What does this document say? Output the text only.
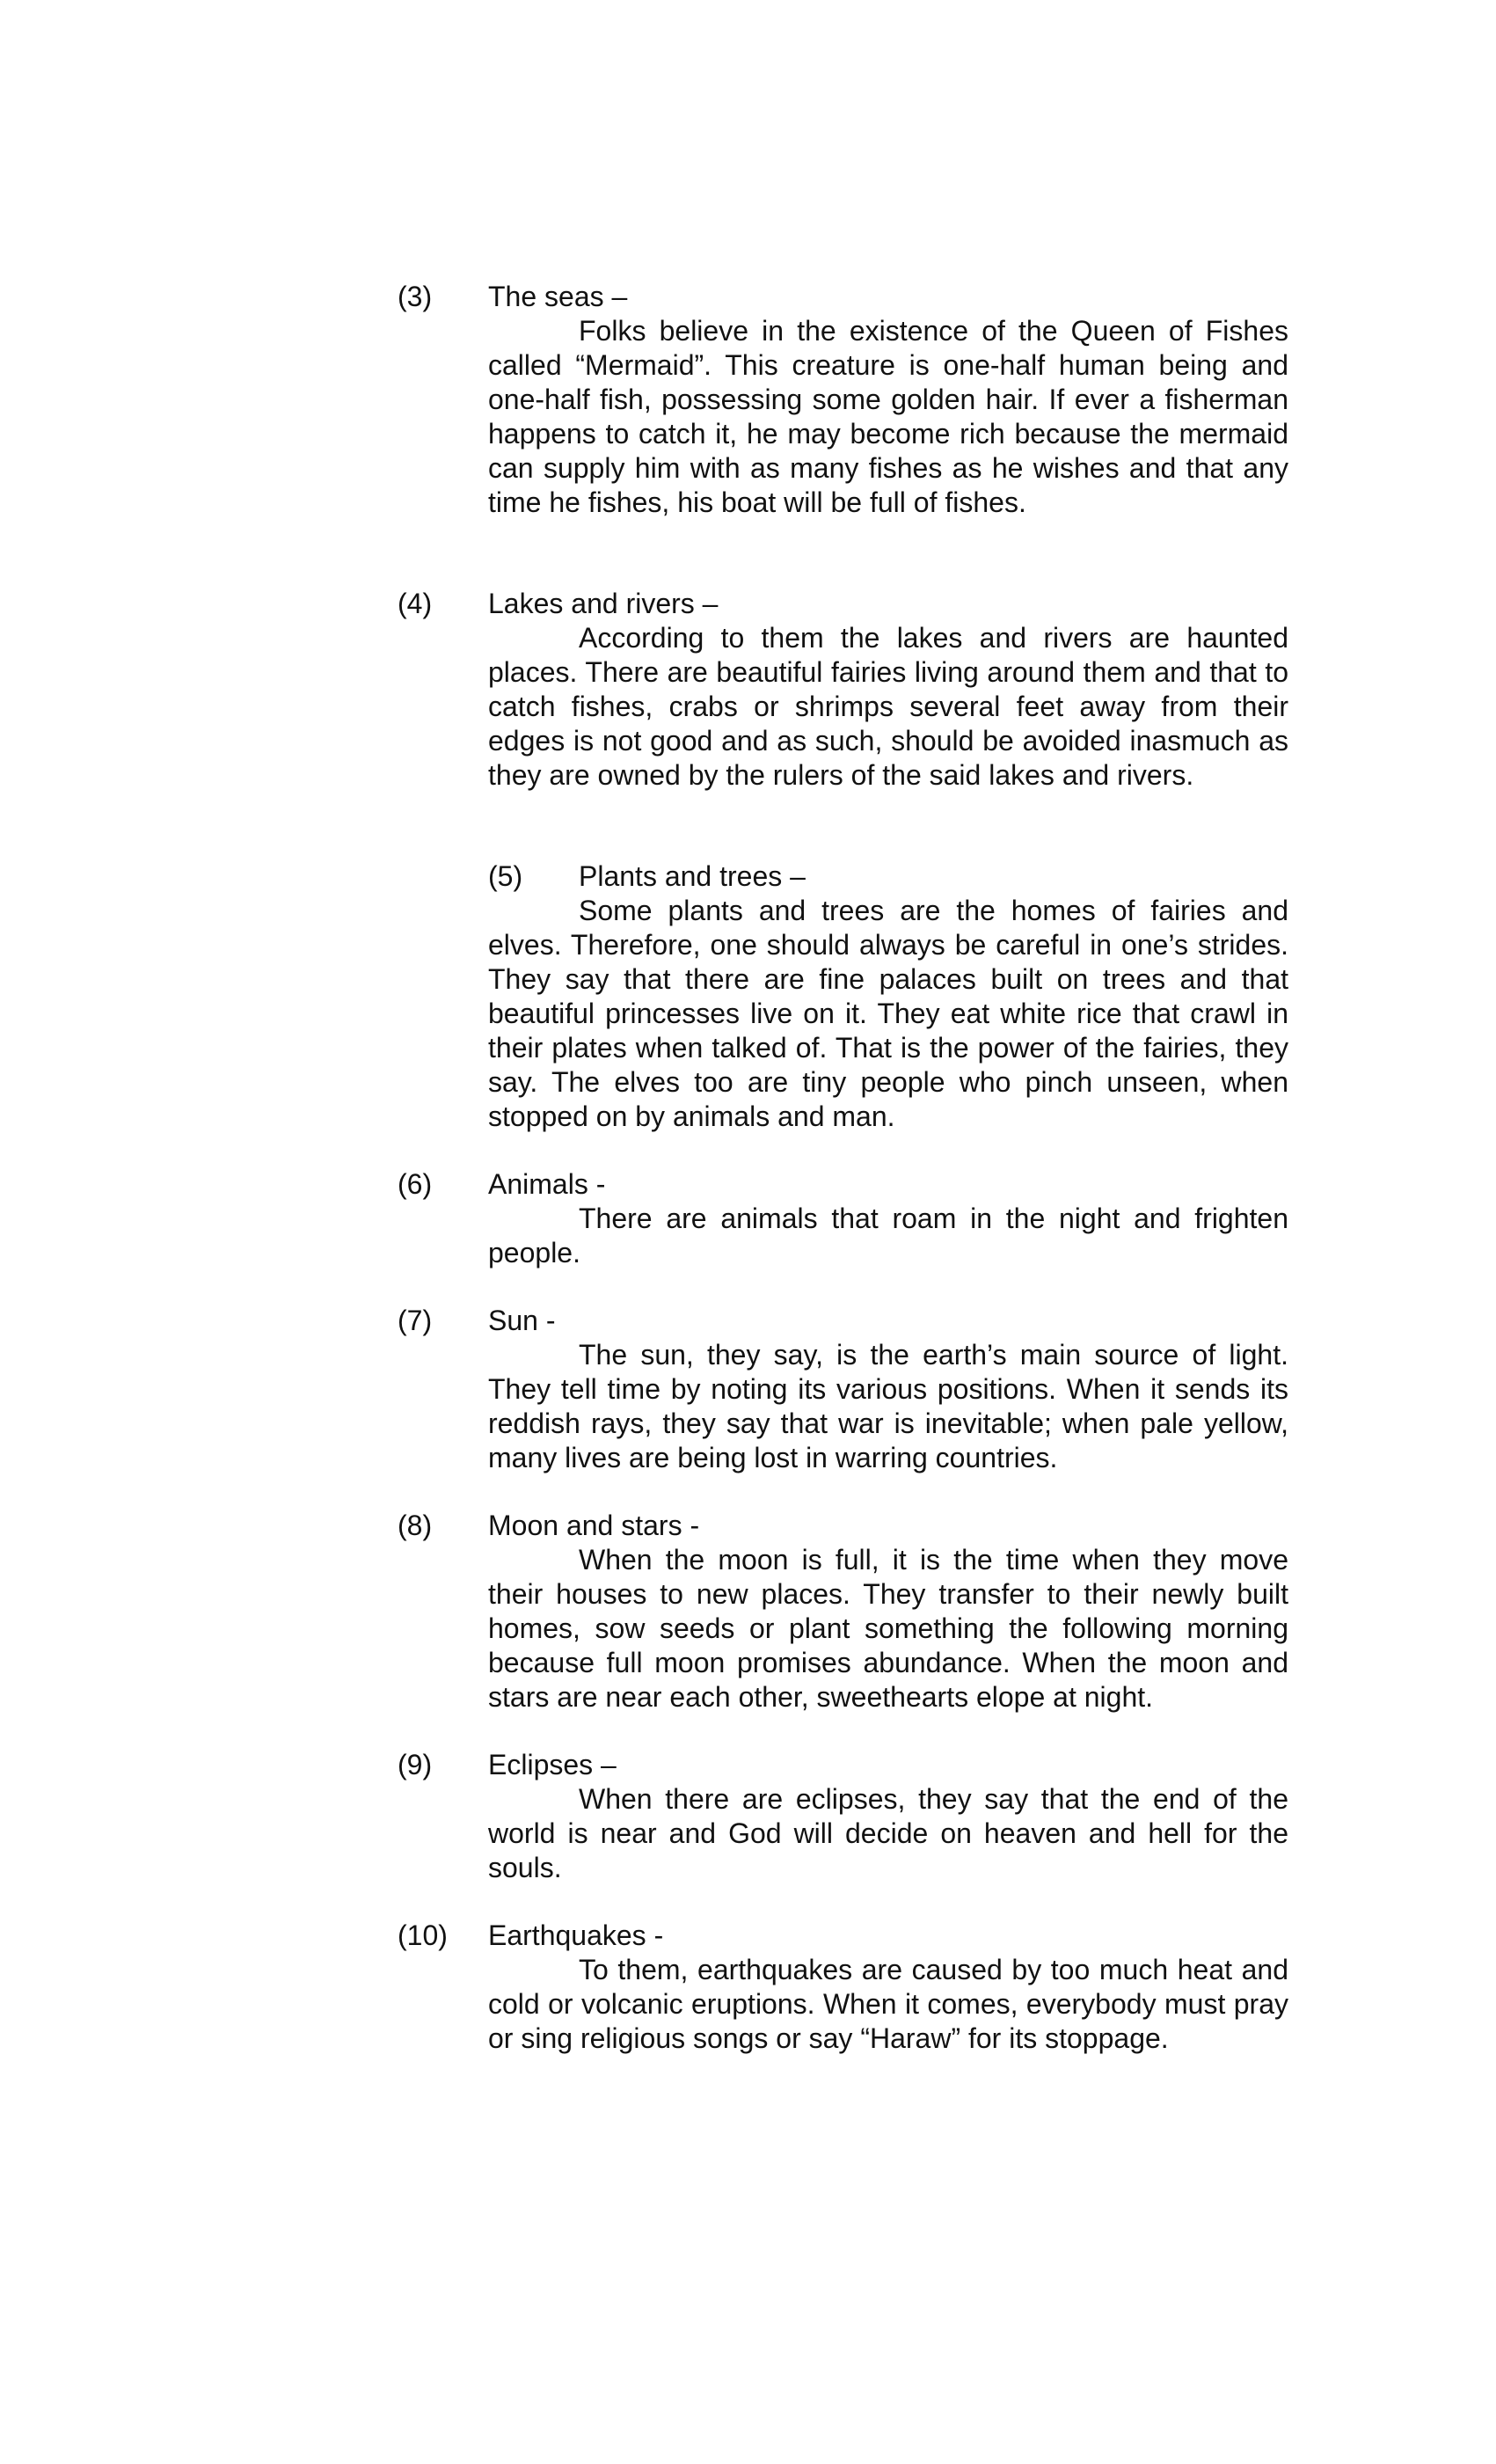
(3) The seas –

Folks believe in the existence of the Queen of Fishes called “Mermaid”. This creature is one-half human being and one-half fish, possessing some golden hair. If ever a fisherman happens to catch it, he may become rich because the mermaid can supply him with as many fishes as he wishes and that any time he fishes, his boat will be full of fishes.

(4) Lakes and rivers –

According to them the lakes and rivers are haunted places. There are beautiful fairies living around them and that to catch fishes, crabs or shrimps several feet away from their edges is not good and as such, should be avoided inasmuch as they are owned by the rulers of the said lakes and rivers.

(5) Plants and trees –

Some plants and trees are the homes of fairies and elves. Therefore, one should always be careful in one’s strides. They say that there are fine palaces built on trees and that beautiful princesses live on it. They eat white rice that crawl in their plates when talked of. That is the power of the fairies, they say. The elves too are tiny people who pinch unseen, when stopped on by animals and man.

(6) Animals -

There are animals that roam in the night and frighten people.

(7) Sun -

The sun, they say, is the earth’s main source of light. They tell time by noting its various positions. When it sends its reddish rays, they say that war is inevitable; when pale yellow, many lives are being lost in warring countries.

(8) Moon and stars -

When the moon is full, it is the time when they move their houses to new places. They transfer to their newly built homes, sow seeds or plant something the following morning because full moon promises abundance. When the moon and stars are near each other, sweethearts elope at night.

(9) Eclipses –

When there are eclipses, they say that the end of the world is near and God will decide on heaven and hell for the souls.

(10) Earthquakes -

To them, earthquakes are caused by too much heat and cold or volcanic eruptions. When it comes, everybody must pray or sing religious songs or say “Haraw” for its stoppage.
